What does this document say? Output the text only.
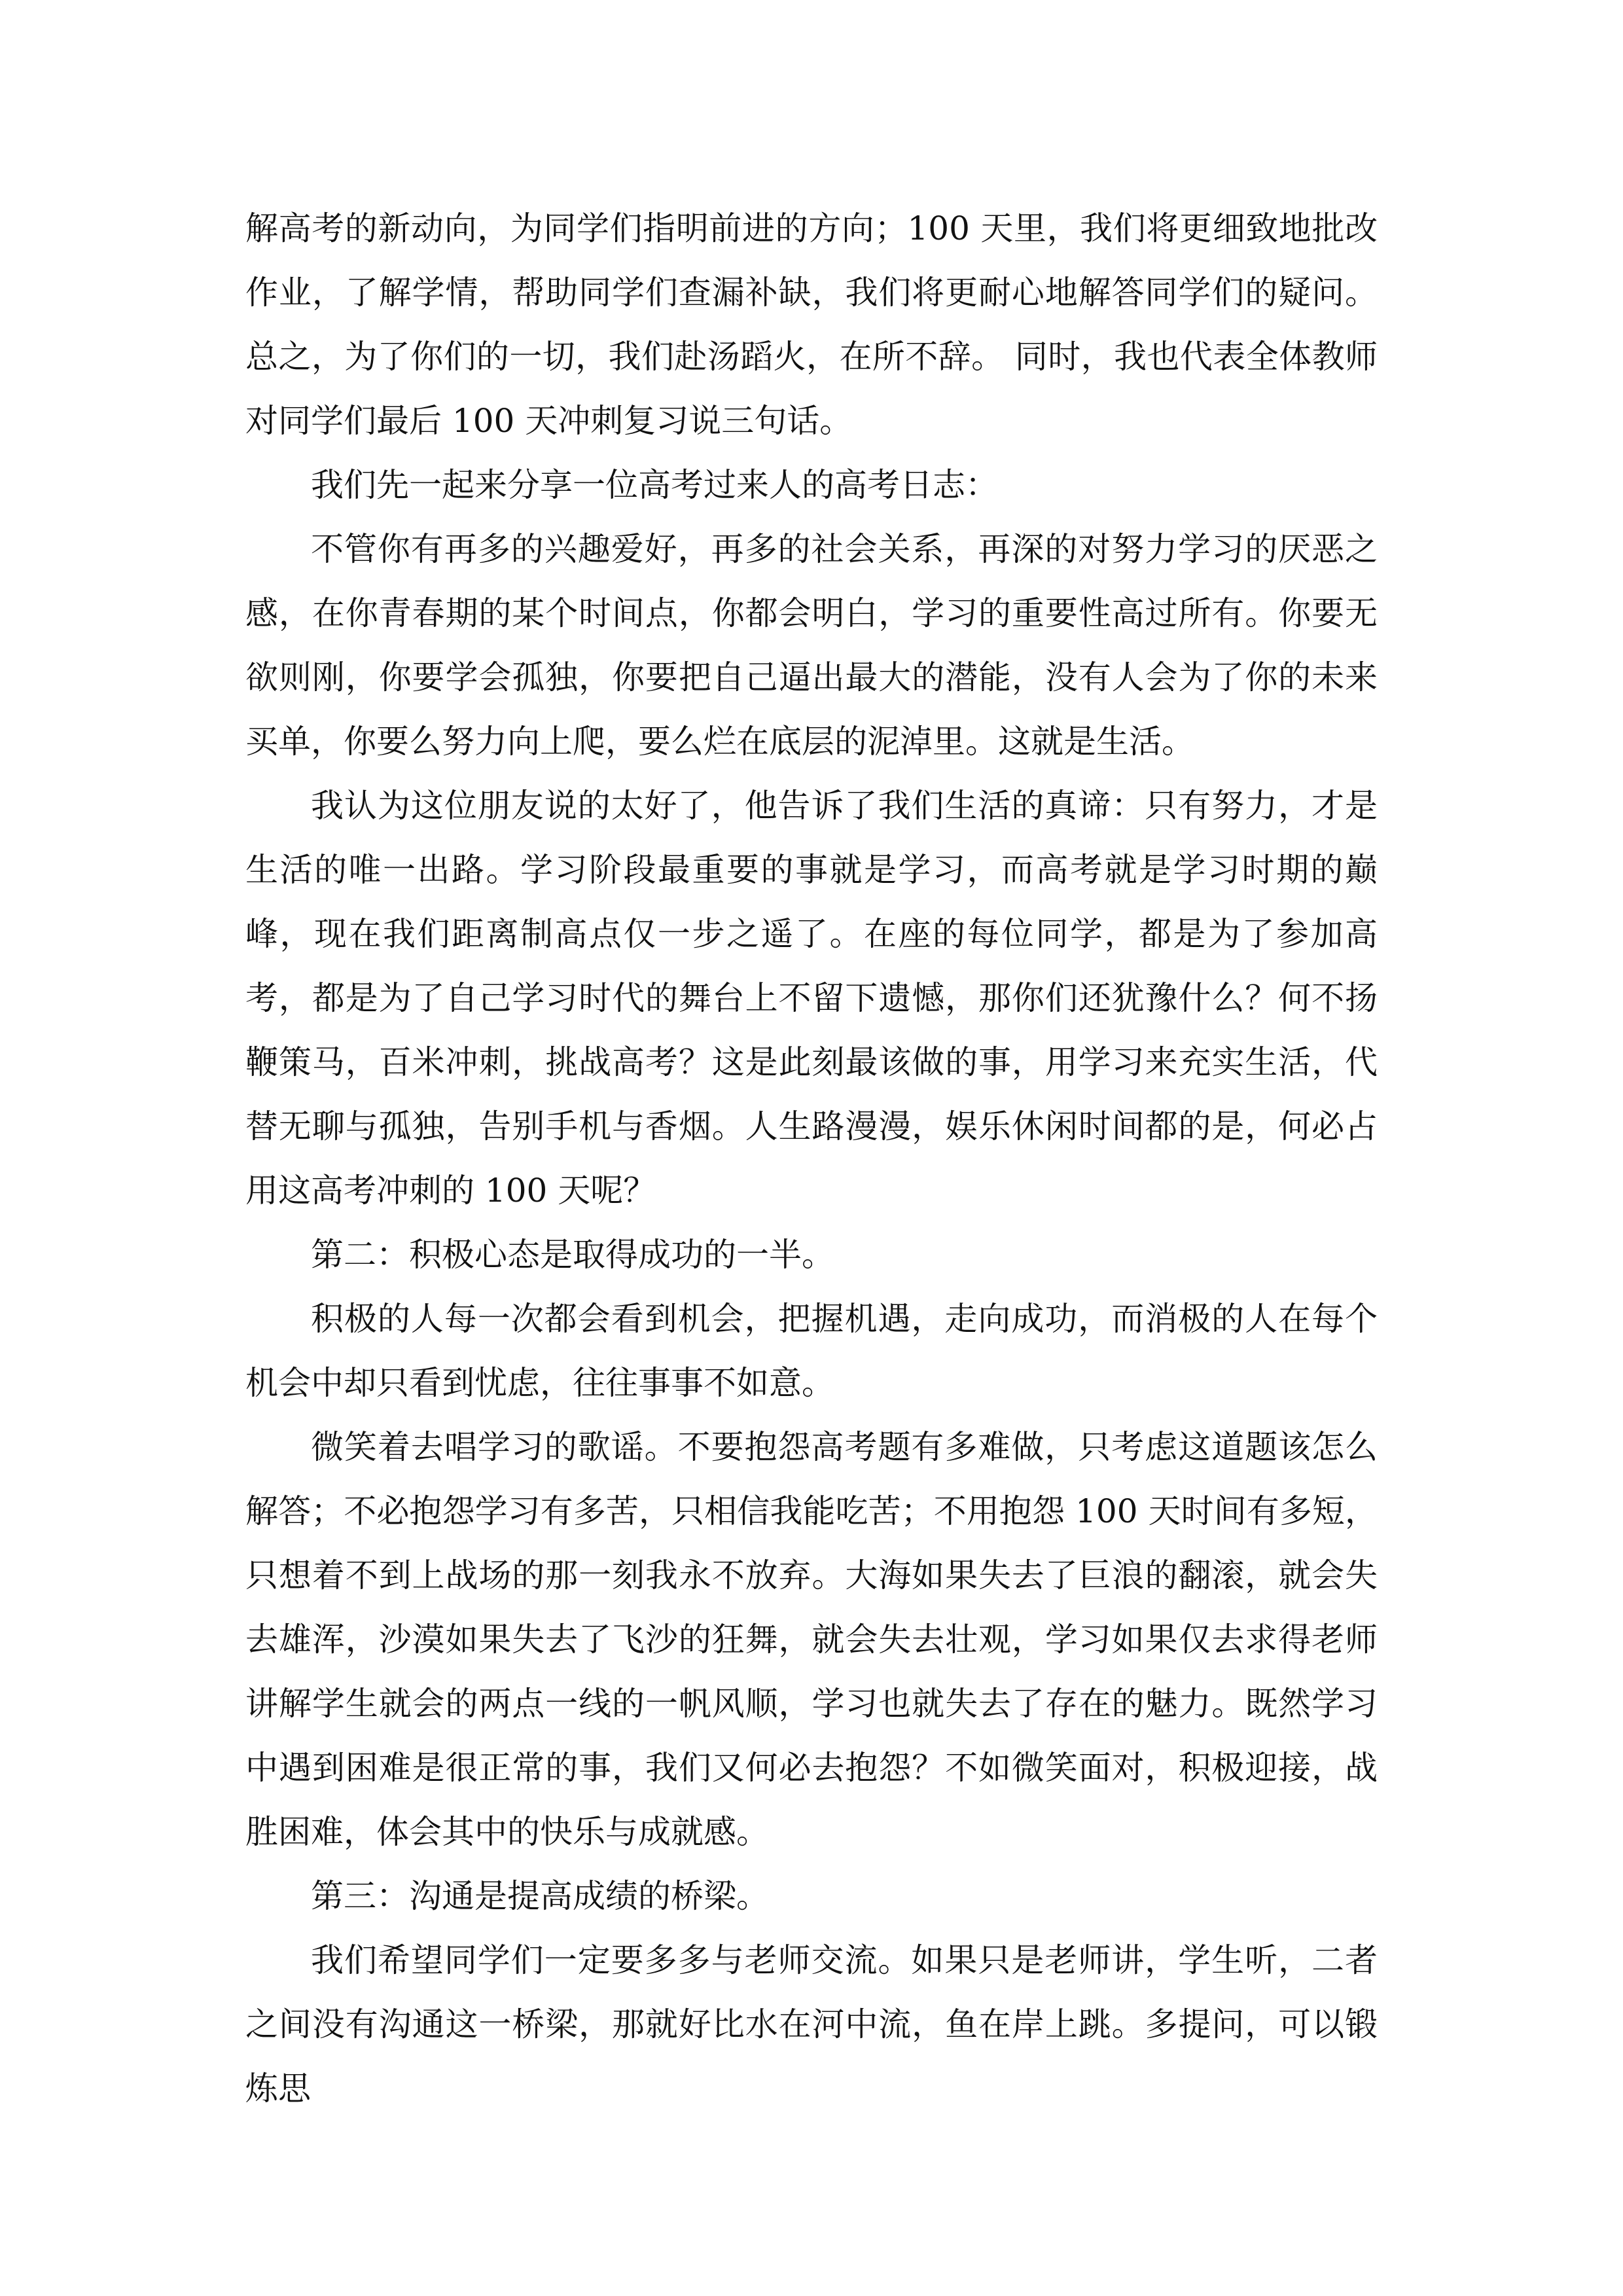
解高考的新动向，为同学们指明前进的方向；100 天里，我们将更细致地批改作业，了解学情，帮助同学们查漏补缺，我们将更耐心地解答同学们的疑问。总之，为了你们的一切，我们赴汤蹈火，在所不辞。 同时，我也代表全体教师对同学们最后 100 天冲刺复习说三句话。

我们先一起来分享一位高考过来人的高考日志：

不管你有再多的兴趣爱好，再多的社会关系，再深的对努力学习的厌恶之感，在你青春期的某个时间点，你都会明白，学习的重要性高过所有。你要无欲则刚，你要学会孤独，你要把自己逼出最大的潜能，没有人会为了你的未来买单，你要么努力向上爬，要么烂在底层的泥淖里。这就是生活。

我认为这位朋友说的太好了，他告诉了我们生活的真谛：只有努力，才是生活的唯一出路。学习阶段最重要的事就是学习，而高考就是学习时期的巅峰，现在我们距离制高点仅一步之遥了。在座的每位同学，都是为了参加高考，都是为了自己学习时代的舞台上不留下遗憾，那你们还犹豫什么？何不扬鞭策马，百米冲刺，挑战高考？这是此刻最该做的事，用学习来充实生活，代替无聊与孤独，告别手机与香烟。人生路漫漫，娱乐休闲时间都的是，何必占用这高考冲刺的 100 天呢？

第二：积极心态是取得成功的一半。

积极的人每一次都会看到机会，把握机遇，走向成功，而消极的人在每个机会中却只看到忧虑，往往事事不如意。

微笑着去唱学习的歌谣。不要抱怨高考题有多难做，只考虑这道题该怎么解答；不必抱怨学习有多苦，只相信我能吃苦；不用抱怨 100 天时间有多短，只想着不到上战场的那一刻我永不放弃。大海如果失去了巨浪的翻滚，就会失去雄浑，沙漠如果失去了飞沙的狂舞，就会失去壮观，学习如果仅去求得老师讲解学生就会的两点一线的一帆风顺，学习也就失去了存在的魅力。既然学习中遇到困难是很正常的事，我们又何必去抱怨？不如微笑面对，积极迎接，战胜困难，体会其中的快乐与成就感。

第三：沟通是提高成绩的桥梁。

我们希望同学们一定要多多与老师交流。如果只是老师讲，学生听，二者之间没有沟通这一桥梁，那就好比水在河中流，鱼在岸上跳。多提问，可以锻炼思
